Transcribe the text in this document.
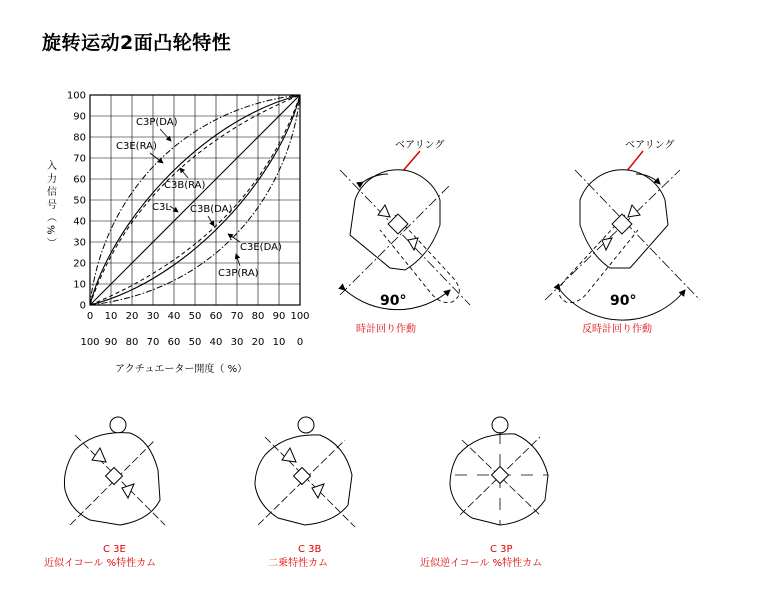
旋转运动2面凸轮特性
0
10
20
30
40
50
60
70
80
90
100
0 10 20 30 40 50 60 70 80 90 100
100 90 80 70 60 50 40 30 20 10 0
C3P(DA)
C3E(RA)
C3B(RA)
C3L C3B(DA)
C3E(DA)
C3P(RA)
入力信号（%）
アクチュエーター開度（ %）
ベアリング
90°
時計回り作動
ベアリング
90°
反時計回り作動
C 3E
近似イコール %特性カム
C 3B
二乗特性カム
C 3P
近似逆イコール %特性カム
